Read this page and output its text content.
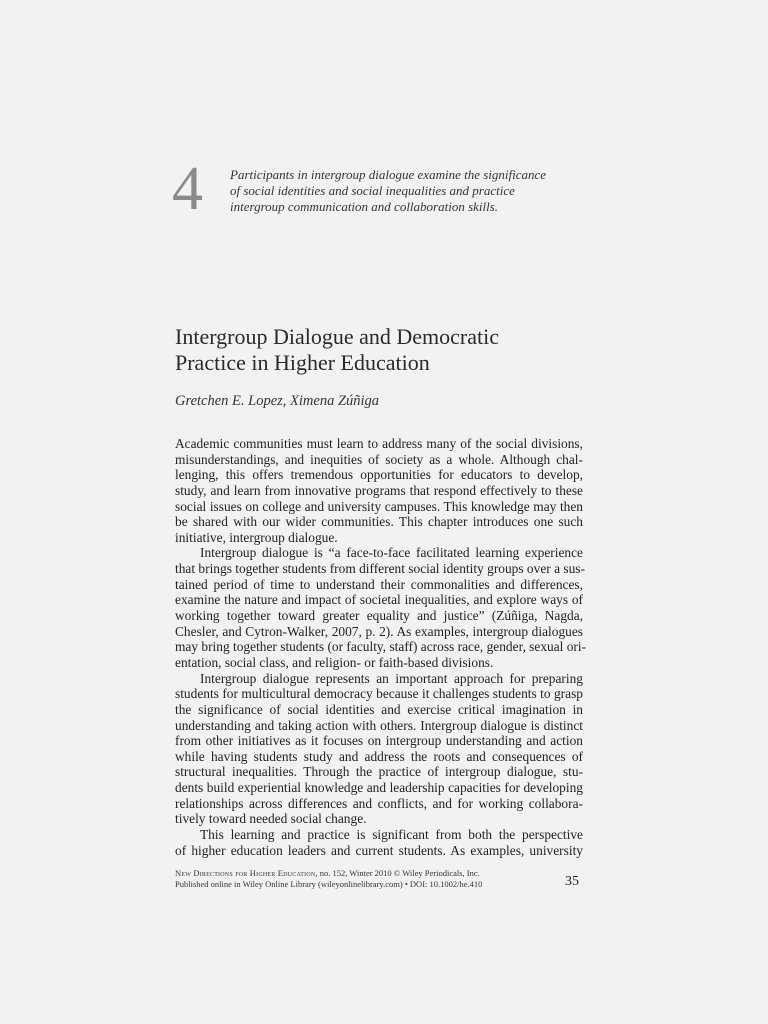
4 Participants in intergroup dialogue examine the significance
of social identities and social inequalities and practice
intergroup communication and collaboration skills.
Intergroup Dialogue and Democratic
Practice in Higher Education
Gretchen E. Lopez, Ximena Zúñiga
Academic communities must learn to address many of the social divisions,
misunderstandings, and inequities of society as a whole. Although chal-
lenging, this offers tremendous opportunities for educators to develop,
study, and learn from innovative programs that respond effectively to these
social issues on college and university campuses. This knowledge may then
be shared with our wider communities. This chapter introduces one such
initiative, intergroup dialogue.
Intergroup dialogue is “a face-to-face facilitated learning experience
that brings together students from different social identity groups over a sus-
tained period of time to understand their commonalities and differences,
examine the nature and impact of societal inequalities, and explore ways of
working together toward greater equality and justice” (Zúñiga, Nagda,
Chesler, and Cytron-Walker, 2007, p. 2). As examples, intergroup dialogues
may bring together students (or faculty, staff) across race, gender, sexual ori-
entation, social class, and religion- or faith-based divisions.
Intergroup dialogue represents an important approach for preparing
students for multicultural democracy because it challenges students to grasp
the significance of social identities and exercise critical imagination in
understanding and taking action with others. Intergroup dialogue is distinct
from other initiatives as it focuses on intergroup understanding and action
while having students study and address the roots and consequences of
structural inequalities. Through the practice of intergroup dialogue, stu-
dents build experiential knowledge and leadership capacities for developing
relationships across differences and conflicts, and for working collabora-
tively toward needed social change.
This learning and practice is significant from both the perspective
of higher education leaders and current students. As examples, university
New Directions for Higher Education, no. 152, Winter 2010 © Wiley Periodicals, Inc.
Published online in Wiley Online Library (wileyonlinelibrary.com) • DOI: 10.1002/he.410	35
